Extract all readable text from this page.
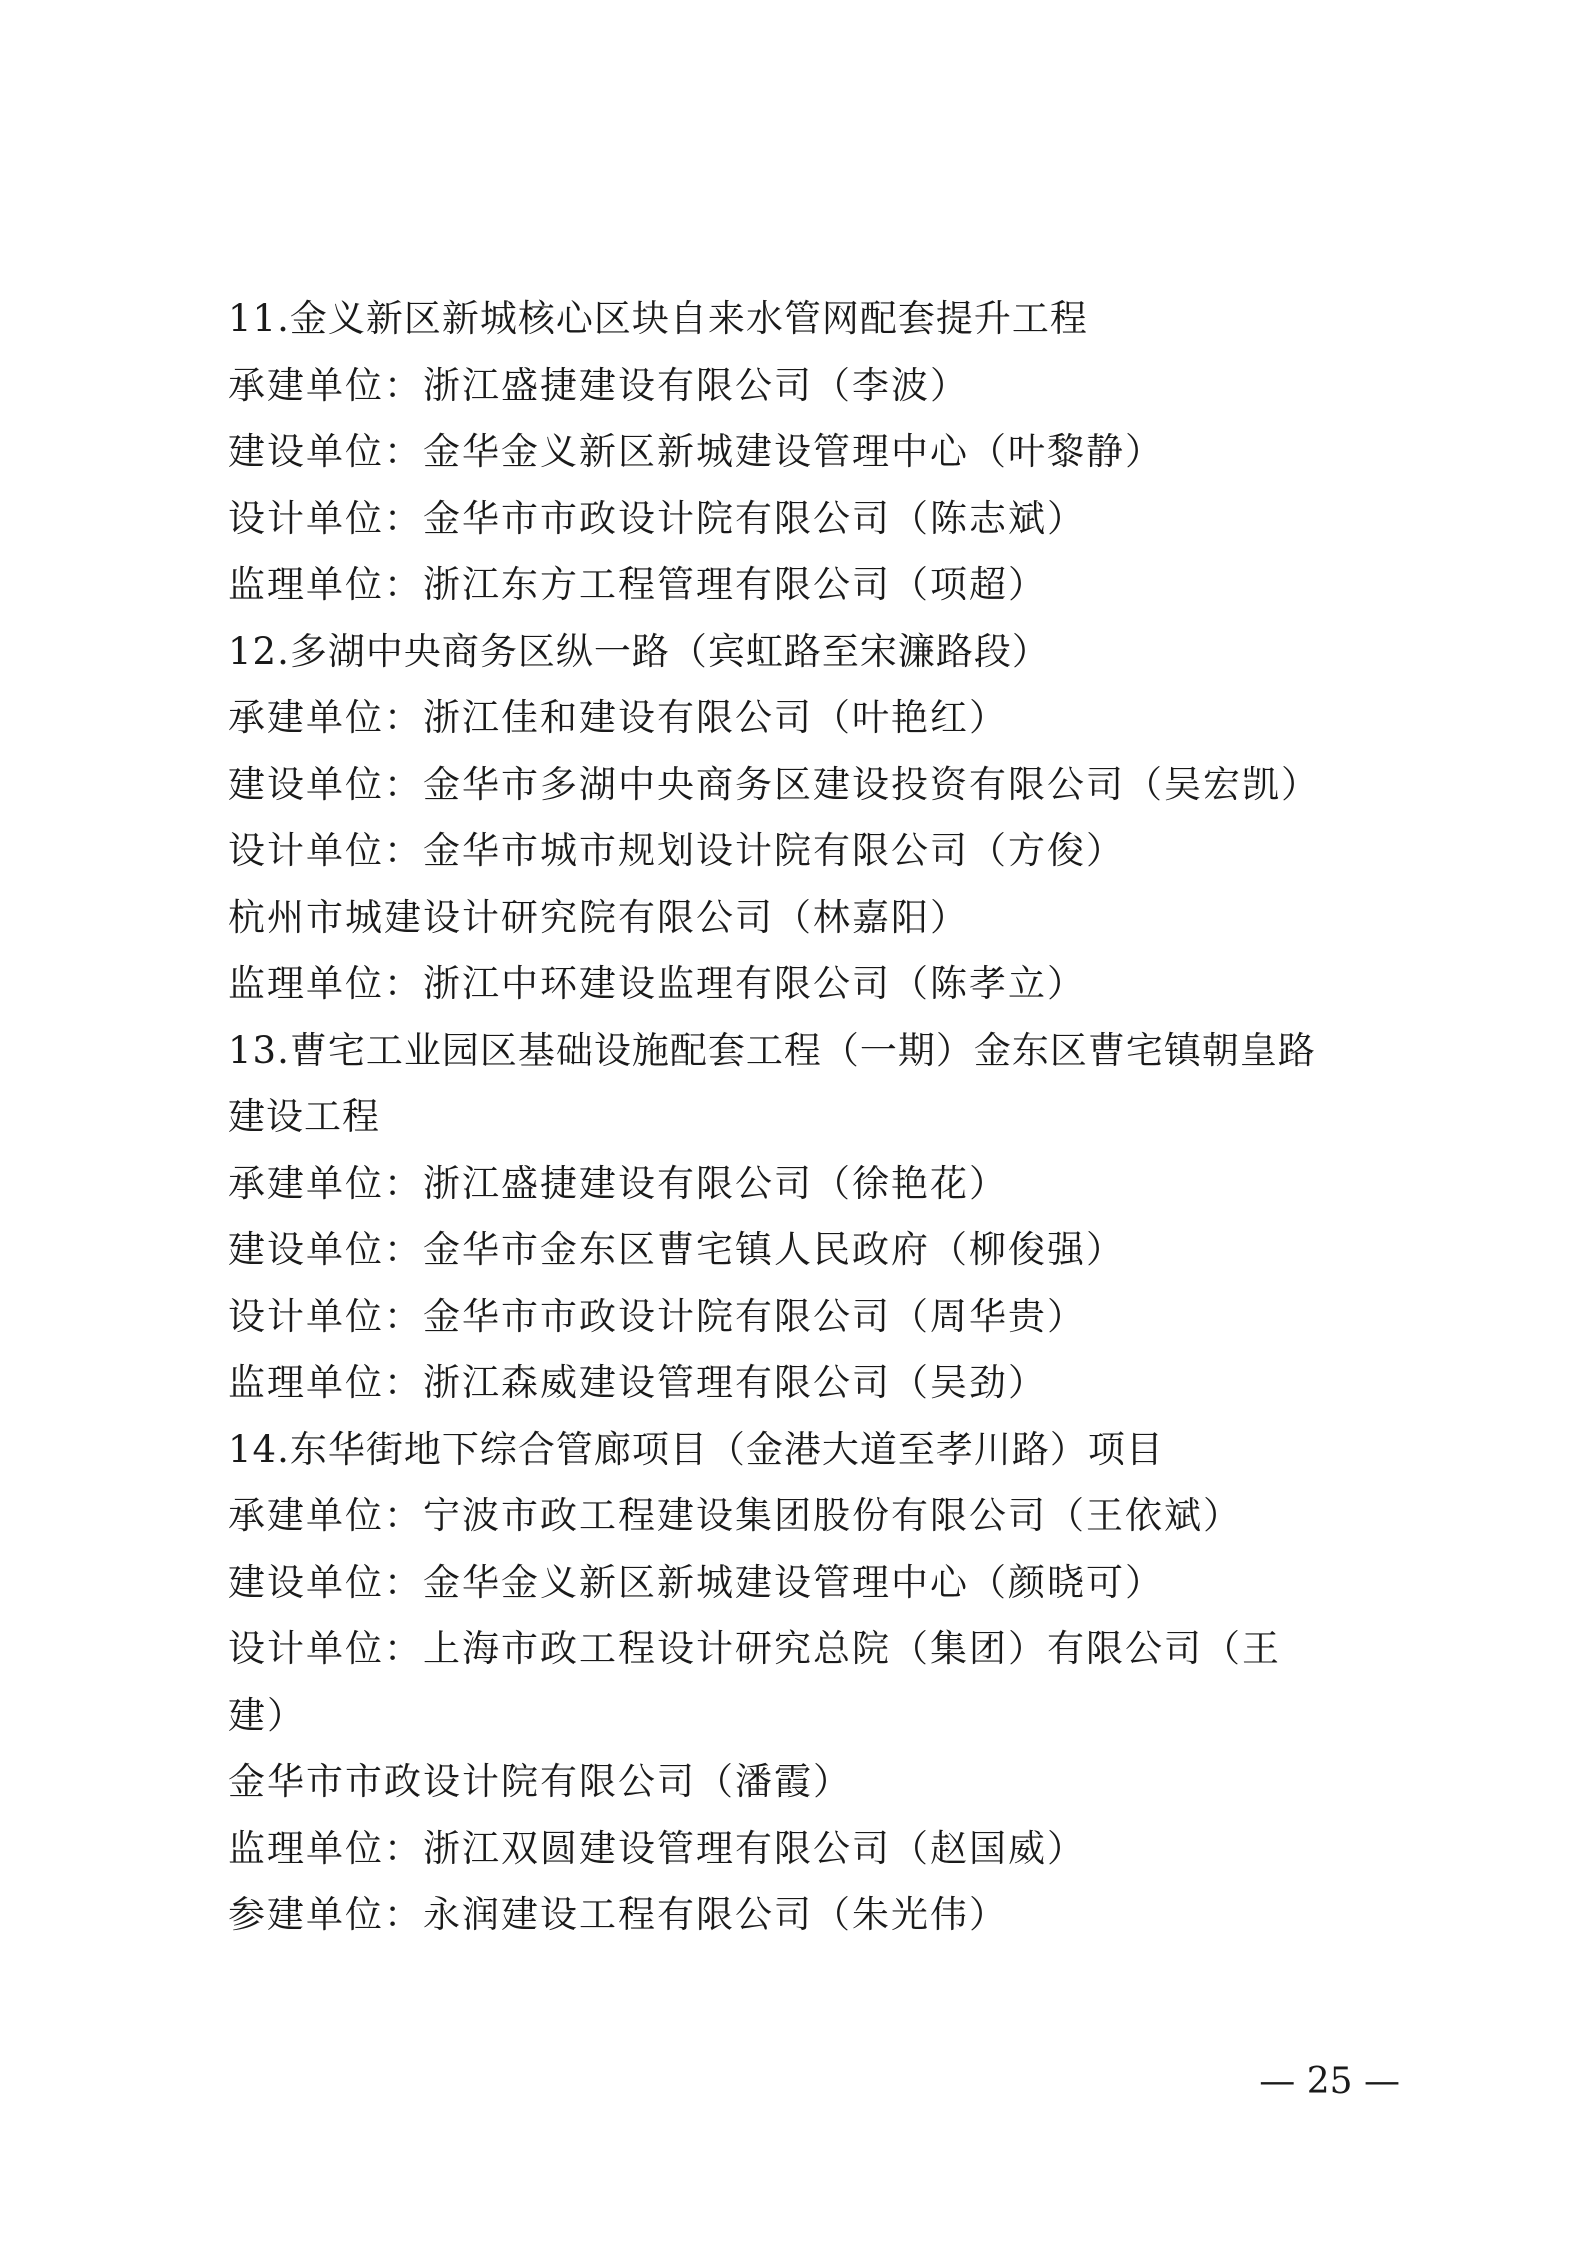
11.金义新区新城核心区块自来水管网配套提升工程
承建单位：浙江盛捷建设有限公司（李波）
建设单位：金华金义新区新城建设管理中心（叶黎静）
设计单位：金华市市政设计院有限公司（陈志斌）
监理单位：浙江东方工程管理有限公司（项超）
12.多湖中央商务区纵一路（宾虹路至宋濂路段）
承建单位：浙江佳和建设有限公司（叶艳红）
建设单位：金华市多湖中央商务区建设投资有限公司（吴宏凯）
设计单位：金华市城市规划设计院有限公司（方俊）
杭州市城建设计研究院有限公司（林嘉阳）
监理单位：浙江中环建设监理有限公司（陈孝立）
13.曹宅工业园区基础设施配套工程（一期）金东区曹宅镇朝皇路
建设工程
承建单位：浙江盛捷建设有限公司（徐艳花）
建设单位：金华市金东区曹宅镇人民政府（柳俊强）
设计单位：金华市市政设计院有限公司（周华贵）
监理单位：浙江森威建设管理有限公司（吴劲）
14.东华街地下综合管廊项目（金港大道至孝川路）项目
承建单位：宁波市政工程建设集团股份有限公司（王依斌）
建设单位：金华金义新区新城建设管理中心（颜晓可）
设计单位：上海市政工程设计研究总院（集团）有限公司（王
建）
金华市市政设计院有限公司（潘霞）
监理单位：浙江双圆建设管理有限公司（赵国威）
参建单位：永润建设工程有限公司（朱光伟）
— 25 —
